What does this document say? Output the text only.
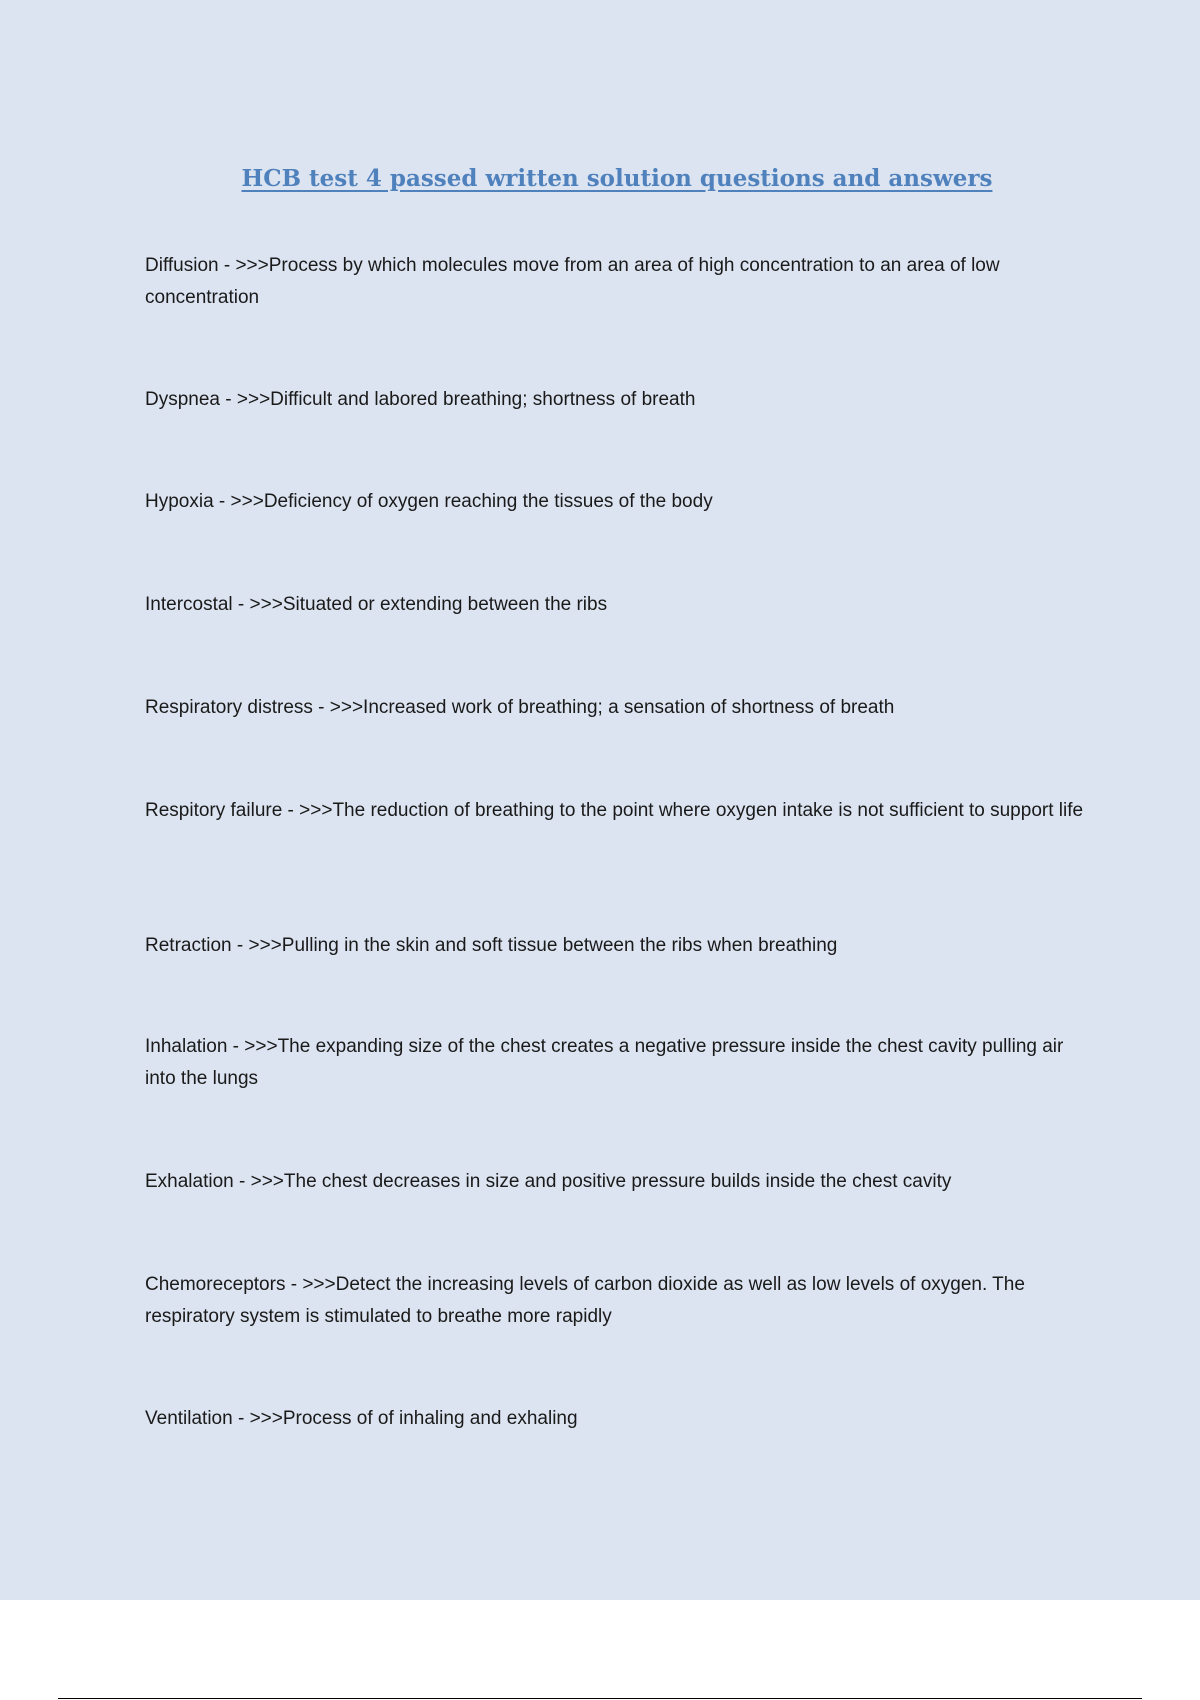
HCB test 4 passed written solution questions and answers
Diffusion - >>>Process by which molecules move from an area of high concentration to an area of low concentration
Dyspnea - >>>Difficult and labored breathing; shortness of breath
Hypoxia - >>>Deficiency of oxygen reaching the tissues of the body
Intercostal - >>>Situated or extending between the ribs
Respiratory distress - >>>Increased work of breathing; a sensation of shortness of breath
Respitory failure - >>>The reduction of breathing to the point where oxygen intake is not sufficient to support life
Retraction - >>>Pulling in the skin and soft tissue between the ribs when breathing
Inhalation - >>>The expanding size of the chest creates a negative pressure inside the chest cavity pulling air into the lungs
Exhalation - >>>The chest decreases in size and positive pressure builds inside the chest cavity
Chemoreceptors - >>>Detect the increasing levels of carbon dioxide as well as low levels of oxygen. The respiratory system is stimulated to breathe more rapidly
Ventilation - >>>Process of of inhaling and exhaling
